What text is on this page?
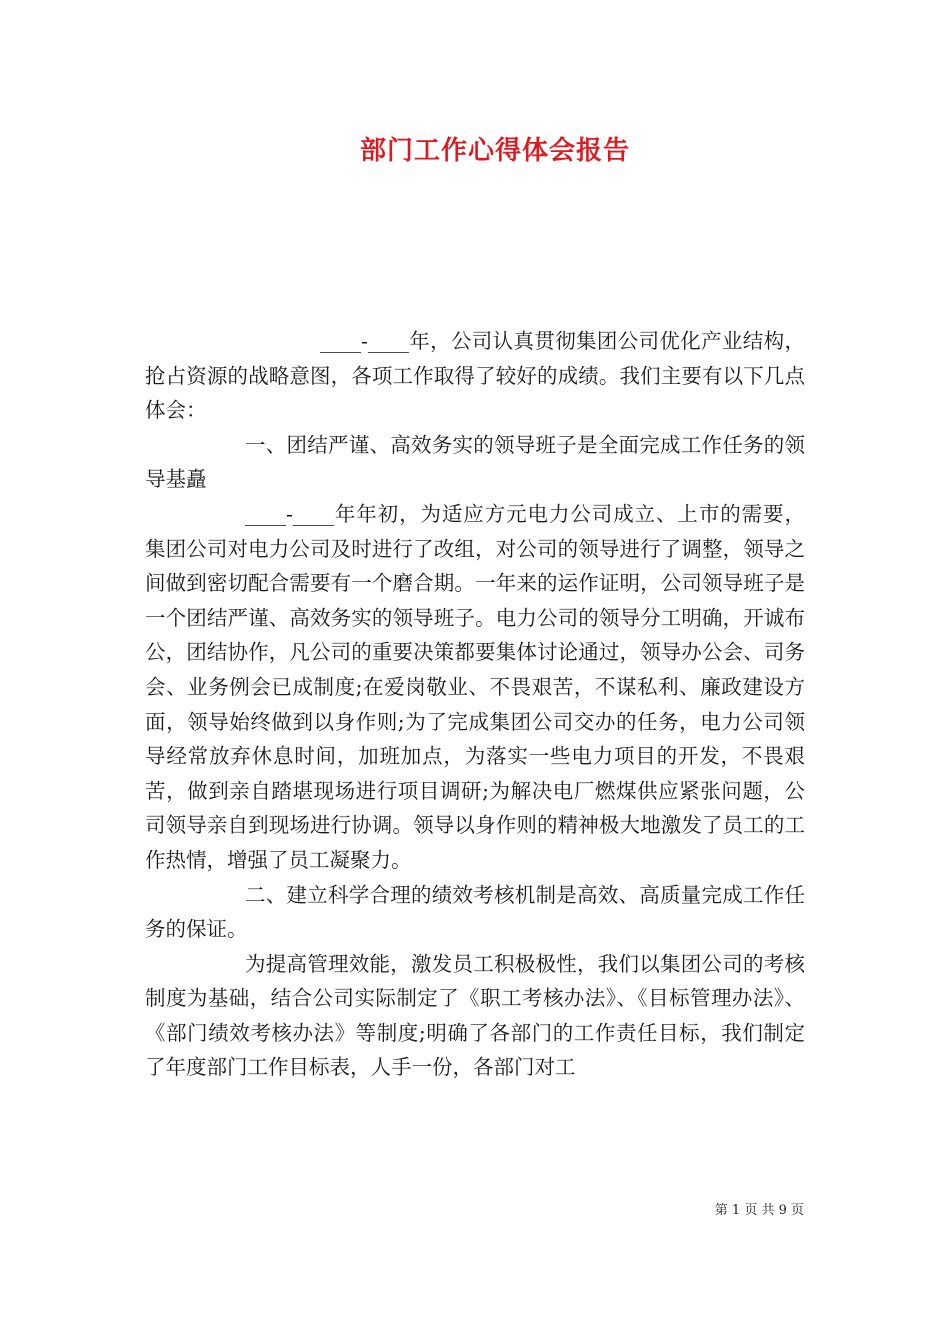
部门工作心得体会报告

____-____年，公司认真贯彻集团公司优化产业结构，抢占资源的战略意图，各项工作取得了较好的成绩。我们主要有以下几点体会：

一、团结严谨、高效务实的领导班子是全面完成工作任务的领导基矗

____-____年年初，为适应方元电力公司成立、上市的需要，集团公司对电力公司及时进行了改组，对公司的领导进行了调整，领导之间做到密切配合需要有一个磨合期。一年来的运作证明，公司领导班子是一个团结严谨、高效务实的领导班子。电力公司的领导分工明确，开诚布公，团结协作，凡公司的重要决策都要集体讨论通过，领导办公会、司务会、业务例会已成制度;在爱岗敬业、不畏艰苦，不谋私利、廉政建设方面，领导始终做到以身作则;为了完成集团公司交办的任务，电力公司领导经常放弃休息时间，加班加点，为落实一些电力项目的开发，不畏艰苦，做到亲自踏堪现场进行项目调研;为解决电厂燃煤供应紧张问题，公司领导亲自到现场进行协调。领导以身作则的精神极大地激发了员工的工作热情，增强了员工凝聚力。

二、建立科学合理的绩效考核机制是高效、高质量完成工作任务的保证。

为提高管理效能，激发员工积极极性，我们以集团公司的考核制度为基础，结合公司实际制定了《职工考核办法》、《目标管理办法》、《部门绩效考核办法》等制度;明确了各部门的工作责任目标，我们制定了年度部门工作目标表，人手一份，各部门对工

第 1 页 共 9 页
